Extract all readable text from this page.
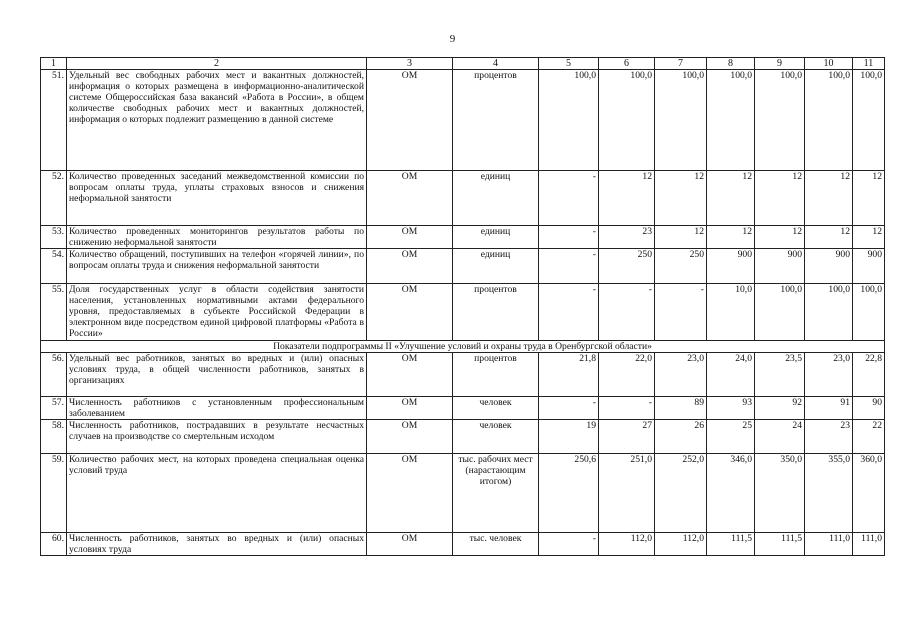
9
1	2	3	4	5	6	7	8	9	10	11
51.	Удельный вес свободных рабочих мест и вакантных должностей, информация о которых размещена в информационно-аналитической системе Общероссийская база вакансий «Работа в России», в общем количестве свободных рабочих мест и вакантных должностей, информация о которых подлежит размещению в данной системе	ОМ	процентов	100,0	100,0	100,0	100,0	100,0	100,0	100,0
52.	Количество проведенных заседаний межведомственной комиссии по вопросам оплаты труда, уплаты страховых взносов и снижения неформальной занятости	ОМ	единиц	-	12	12	12	12	12	12
53.	Количество проведенных мониторингов результатов работы по снижению неформальной занятости	ОМ	единиц	-	23	12	12	12	12	12
54.	Количество обращений, поступивших на телефон «горячей линии», по вопросам оплаты труда и снижения неформальной занятости	ОМ	единиц	-	250	250	900	900	900	900
55.	Доля государственных услуг в области содействия занятости населения, установленных нормативными актами федерального уровня, предоставляемых в субъекте Российской Федерации в электронном виде посредством единой цифровой платформы «Работа в России»	ОМ	процентов	-	-	-	10,0	100,0	100,0	100,0
Показатели подпрограммы II «Улучшение условий и охраны труда в Оренбургской области»										
56.	Удельный вес работников, занятых во вредных и (или) опасных условиях труда, в общей численности работников, занятых в организациях	ОМ	процентов	21,8	22,0	23,0	24,0	23,5	23,0	22,8
57.	Численность работников с установленным профессиональным заболеванием	ОМ	человек	-	-	89	93	92	91	90
58.	Численность работников, пострадавших в результате несчастных случаев на производстве со смертельным исходом	ОМ	человек	19	27	26	25	24	23	22
59.	Количество рабочих мест, на которых проведена специальная оценка условий труда	ОМ	тыс. рабочих мест (нарастающим итогом)	250,6	251,0	252,0	346,0	350,0	355,0	360,0
60.	Численность работников, занятых во вредных и (или) опасных условиях труда	ОМ	тыс. человек	-	112,0	112,0	111,5	111,5	111,0	111,0
